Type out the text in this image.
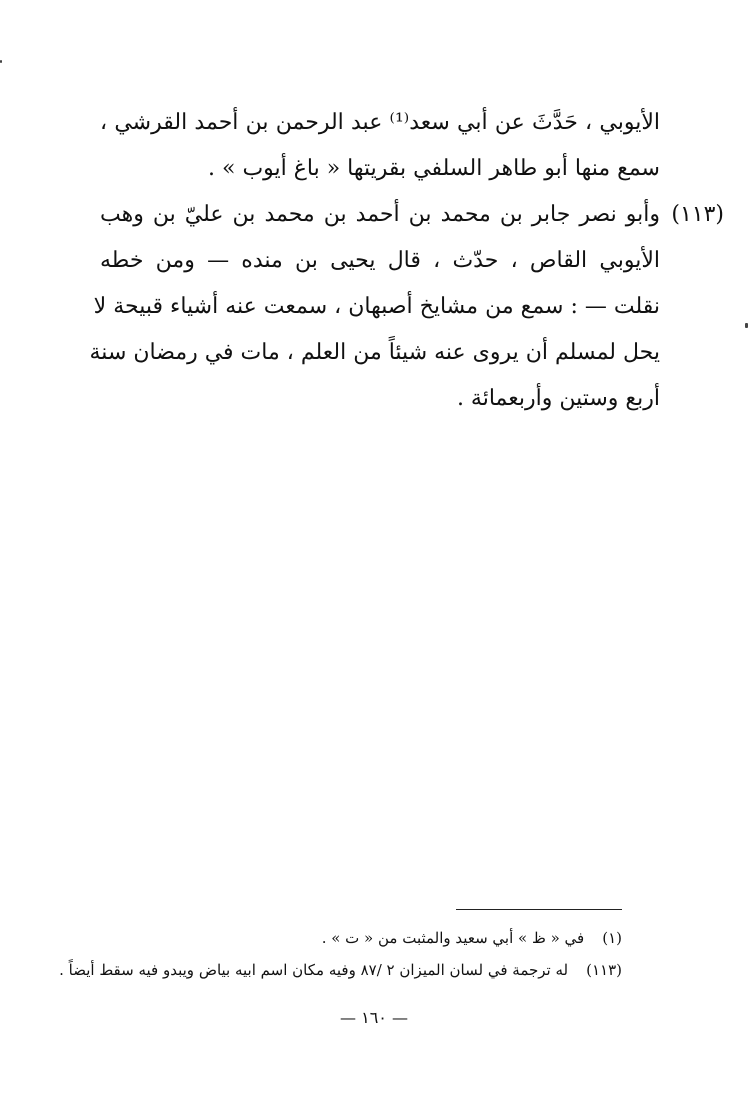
الأيوبي ، حَدَّثَ عن أبي سعد⁽¹⁾ عبد الرحمن بن أحمد القرشي ،
سمع منها أبو طاهر السلفي بقريتها « باغ أيوب » .
(١١٣)
وأبو نصر جابر بن محمد بن أحمد بن محمد بن عليّ بن وهب
الأيوبي القاص ، حدّث ، قال يحيى بن منده — ومن خطه
نقلت — : سمع من مشايخ أصبهان ، سمعت عنه أشياء قبيحة لا
يحل لمسلم أن يروى عنه شيئاً من العلم ، مات في رمضان سنة
أربع وستين وأربعمائة .
(١)في « ظ » أبي سعيد والمثبت من « ت » .
(١١٣)له ترجمة في لسان الميزان ٢ /٨٧ وفيه مكان اسم ابيه بياض ويبدو فيه سقط أيضاً .
— ١٦٠ —
